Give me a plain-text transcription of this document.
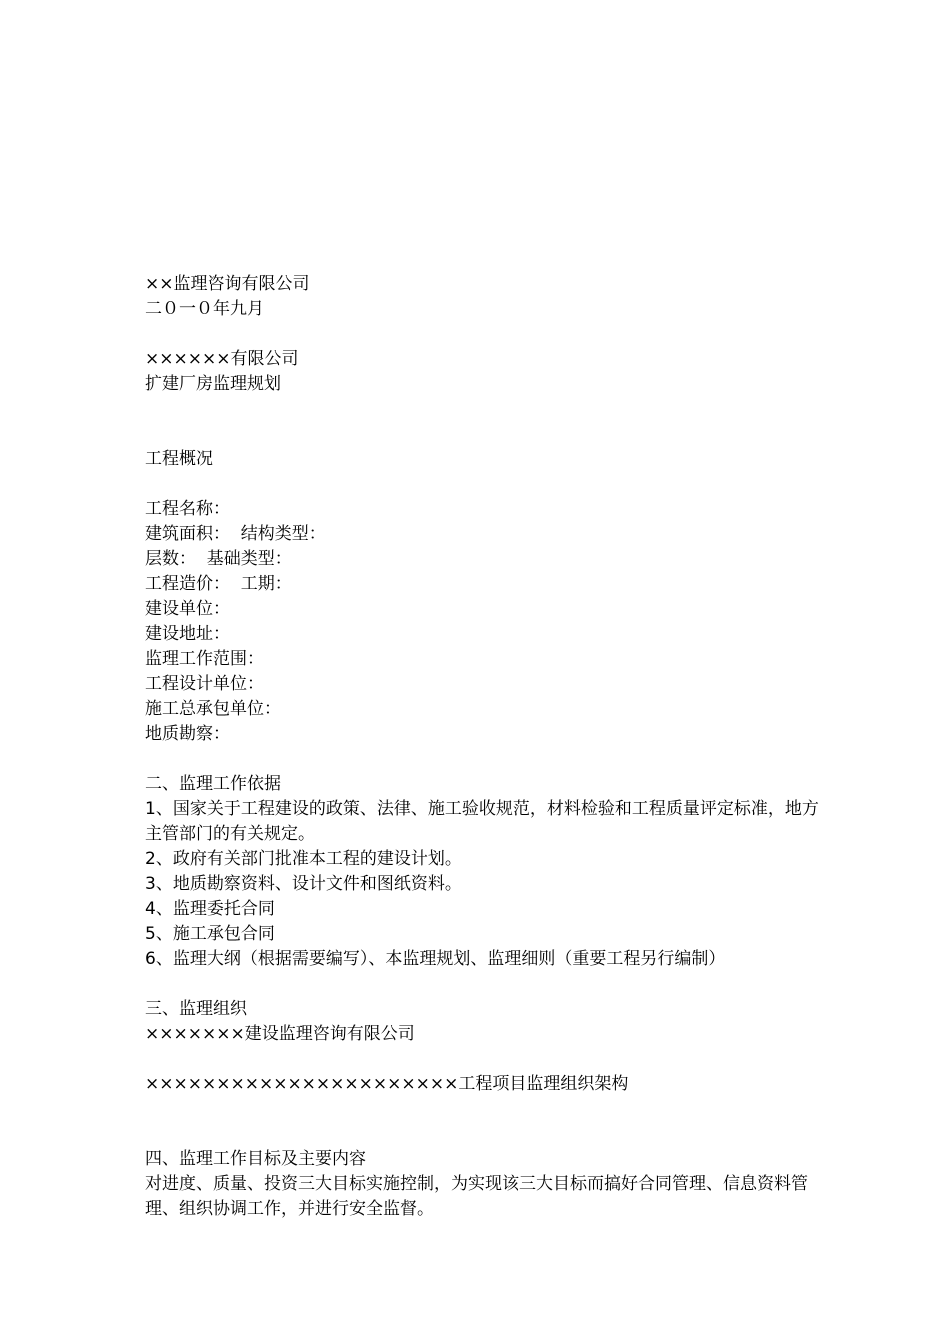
××监理咨询有限公司
二０一０年九月
××××××有限公司
扩建厂房监理规划
工程概况
工程名称：
建筑面积：  结构类型：
层数：  基础类型：
工程造价：  工期：
建设单位：
建设地址：
监理工作范围：
工程设计单位：
施工总承包单位：
地质勘察：
二、监理工作依据
1、国家关于工程建设的政策、法律、施工验收规范，材料检验和工程质量评定标准，地方主管部门的有关规定。
2、政府有关部门批准本工程的建设计划。
3、地质勘察资料、设计文件和图纸资料。
4、监理委托合同
5、施工承包合同
6、监理大纲（根据需要编写）、本监理规划、监理细则（重要工程另行编制）
三、监理组织
×××××××建设监理咨询有限公司
××××××××××××××××××××××工程项目监理组织架构
四、监理工作目标及主要内容
对进度、质量、投资三大目标实施控制，为实现该三大目标而搞好合同管理、信息资料管理、组织协调工作，并进行安全监督。
